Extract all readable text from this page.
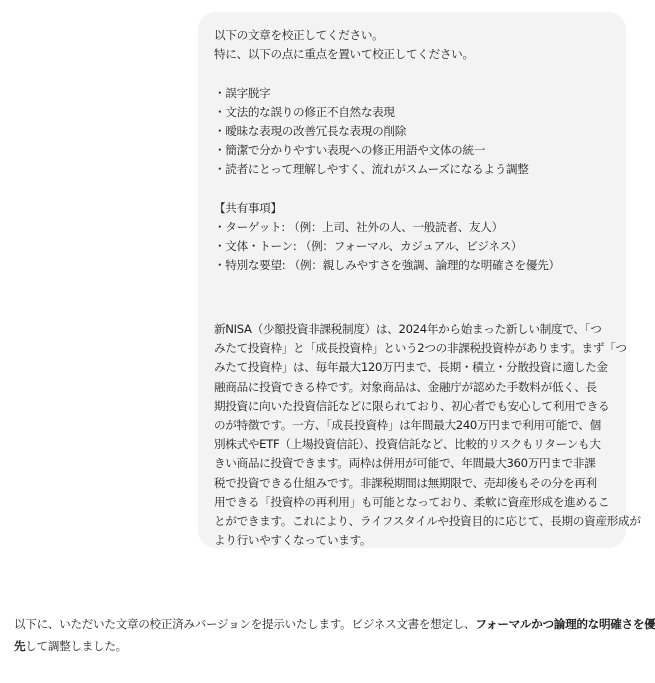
以下の文章を校正してください。
特に、以下の点に重点を置いて校正してください。
・誤字脱字
・文法的な誤りの修正不自然な表現
・曖昧な表現の改善冗長な表現の削除
・簡潔で分かりやすい表現への修正用語や文体の統一
・読者にとって理解しやすく、流れがスムーズになるよう調整
【共有事項】
・ターゲット: （例：上司、社外の人、一般読者、友人）
・文体・トーン: （例：フォーマル、カジュアル、ビジネス）
・特別な要望: （例：親しみやすさを強調、論理的な明確さを優先）
新NISA（少額投資非課税制度）は、2024年から始まった新しい制度で、「つ
みたて投資枠」と「成長投資枠」という2つの非課税投資枠があります。まず「つ
みたて投資枠」は、毎年最大120万円まで、長期・積立・分散投資に適した金
融商品に投資できる枠です。対象商品は、金融庁が認めた手数料が低く、長
期投資に向いた投資信託などに限られており、初心者でも安心して利用できる
のが特徴です。一方、「成長投資枠」は年間最大240万円まで利用可能で、個
別株式やETF（上場投資信託）、投資信託など、比較的リスクもリターンも大
きい商品に投資できます。両枠は併用が可能で、年間最大360万円まで非課
税で投資できる仕組みです。非課税期間は無期限で、売却後もその分を再利
用できる「投資枠の再利用」も可能となっており、柔軟に資産形成を進めるこ
とができます。これにより、ライフスタイルや投資目的に応じて、長期の資産形成が
より行いやすくなっています。
以下に、いただいた文章の校正済みバージョンを提示いたします。ビジネス文書を想定し、フォーマルかつ論理的な明確さを優
先して調整しました。
